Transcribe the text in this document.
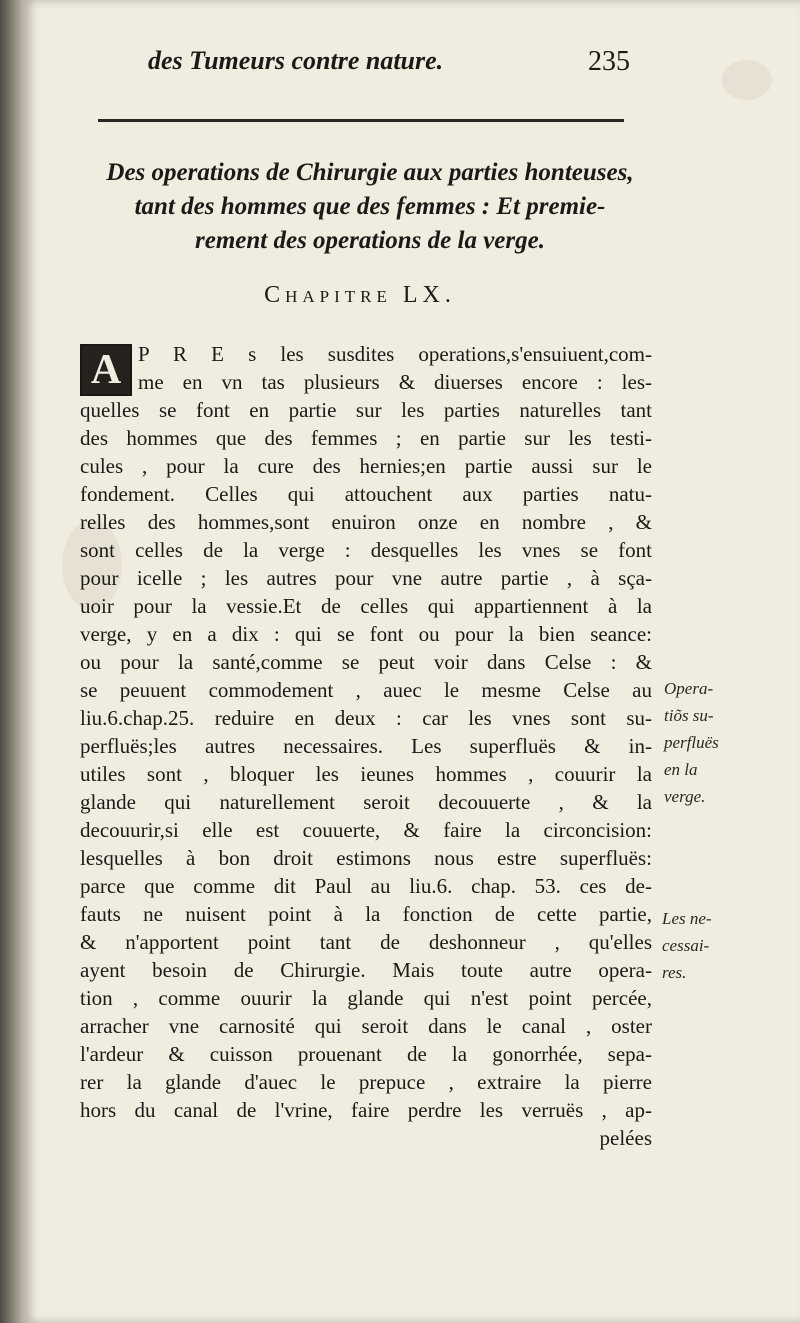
des Tumeurs contre nature.	235
Des operations de Chirurgie aux parties honteuses,
tant des hommes que des femmes : Et premie-
rement des operations de la verge.
Chapitre LX.
A P R E s les susdites operations,s'ensuiuent,com-
me en vn tas plusieurs & diuerses encore : les-
quelles se font en partie sur les parties naturelles tant
des hommes que des femmes ; en partie sur les testi-
cules , pour la cure des hernies;en partie aussi sur le
fondement. Celles qui attouchent aux parties natu-
relles des hommes,sont enuiron onze en nombre , &
sont celles de la verge : desquelles les vnes se font
pour icelle ; les autres pour vne autre partie , à sça-
uoir pour la vessie.Et de celles qui appartiennent à la
verge, y en a dix : qui se font ou pour la bien seance:
ou pour la santé,comme se peut voir dans Celse : &
se peuuent commodement , auec le mesme Celse au
liu.6.chap.25. reduire en deux : car les vnes sont su-
perfluës;les autres necessaires. Les superfluës & in-
utiles sont , bloquer les ieunes hommes , couurir la
glande qui naturellement seroit decouuerte , & la
decouurir,si elle est couuerte, & faire la circoncision:
lesquelles à bon droit estimons nous estre superfluës:
parce que comme dit Paul au liu.6. chap. 53. ces de-
fauts ne nuisent point à la fonction de cette partie,
& n'apportent point tant de deshonneur , qu'elles
ayent besoin de Chirurgie. Mais toute autre opera-
tion , comme ouurir la glande qui n'est point percée,
arracher vne carnosité qui seroit dans le canal , oster
l'ardeur & cuisson prouenant de la gonorrhée, sepa-
rer la glande d'auec le prepuce , extraire la pierre
hors du canal de l'vrine, faire perdre les verruës , ap-
pelées
Opera-
tiõs su-
perfluës
en la
verge.
Les ne-
cessai-
res.
